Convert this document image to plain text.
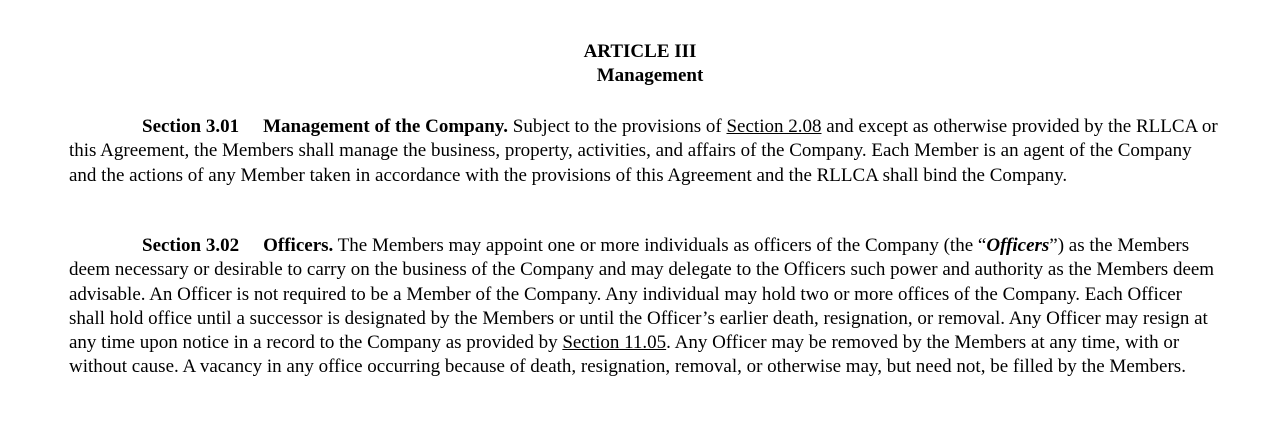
ARTICLE III
Management

Section 3.01 Management of the Company. Subject to the provisions of Section 2.08 and except as otherwise provided by the RLLCA or this Agreement, the Members shall manage the business, property, activities, and affairs of the Company. Each Member is an agent of the Company and the actions of any Member taken in accordance with the provisions of this Agreement and the RLLCA shall bind the Company.

Section 3.02 Officers. The Members may appoint one or more individuals as officers of the Company (the “Officers”) as the Members deem necessary or desirable to carry on the business of the Company and may delegate to the Officers such power and authority as the Members deem advisable. An Officer is not required to be a Member of the Company. Any individual may hold two or more offices of the Company. Each Officer shall hold office until a successor is designated by the Members or until the Officer’s earlier death, resignation, or removal. Any Officer may resign at any time upon notice in a record to the Company as provided by Section 11.05. Any Officer may be removed by the Members at any time, with or without cause. A vacancy in any office occurring because of death, resignation, removal, or otherwise may, but need not, be filled by the Members.
